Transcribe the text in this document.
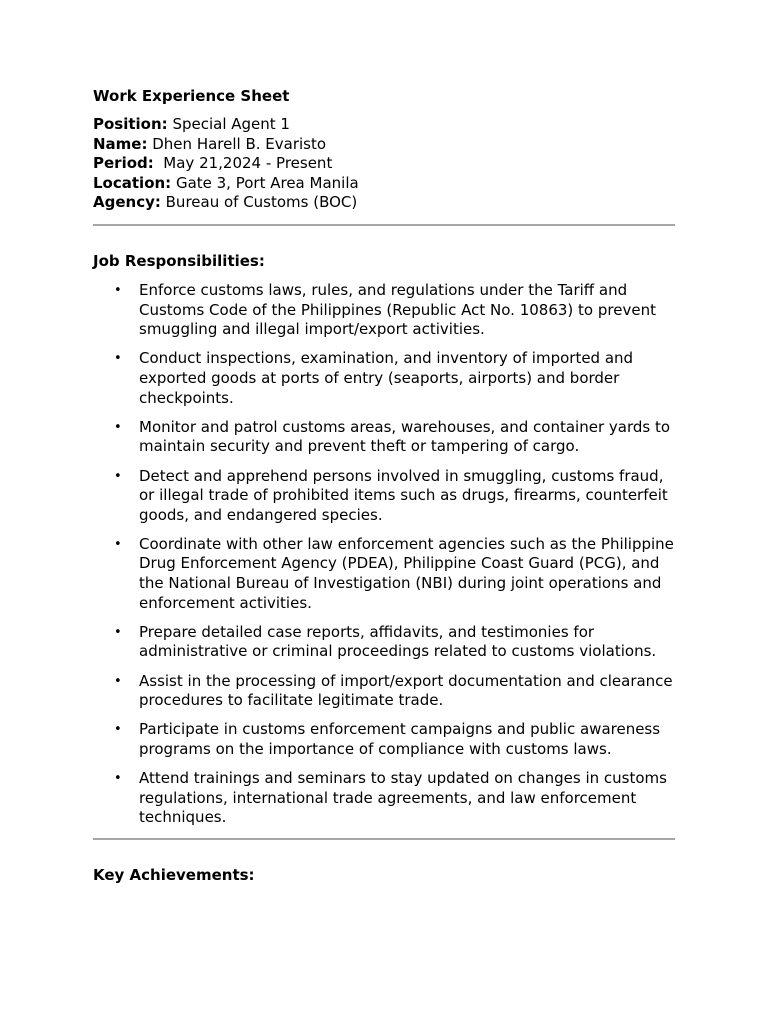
Work Experience Sheet
Position: Special Agent 1
Name: Dhen Harell B. Evaristo
Period:  May 21,2024 - Present
Location: Gate 3, Port Area Manila
Agency: Bureau of Customs (BOC)
Job Responsibilities:
• Enforce customs laws, rules, and regulations under the Tariff and Customs Code of the Philippines (Republic Act No. 10863) to prevent smuggling and illegal import/export activities.
• Conduct inspections, examination, and inventory of imported and exported goods at ports of entry (seaports, airports) and border checkpoints.
• Monitor and patrol customs areas, warehouses, and container yards to maintain security and prevent theft or tampering of cargo.
• Detect and apprehend persons involved in smuggling, customs fraud, or illegal trade of prohibited items such as drugs, firearms, counterfeit goods, and endangered species.
• Coordinate with other law enforcement agencies such as the Philippine Drug Enforcement Agency (PDEA), Philippine Coast Guard (PCG), and the National Bureau of Investigation (NBI) during joint operations and enforcement activities.
• Prepare detailed case reports, affidavits, and testimonies for administrative or criminal proceedings related to customs violations.
• Assist in the processing of import/export documentation and clearance procedures to facilitate legitimate trade.
• Participate in customs enforcement campaigns and public awareness programs on the importance of compliance with customs laws.
• Attend trainings and seminars to stay updated on changes in customs regulations, international trade agreements, and law enforcement techniques.
Key Achievements:
